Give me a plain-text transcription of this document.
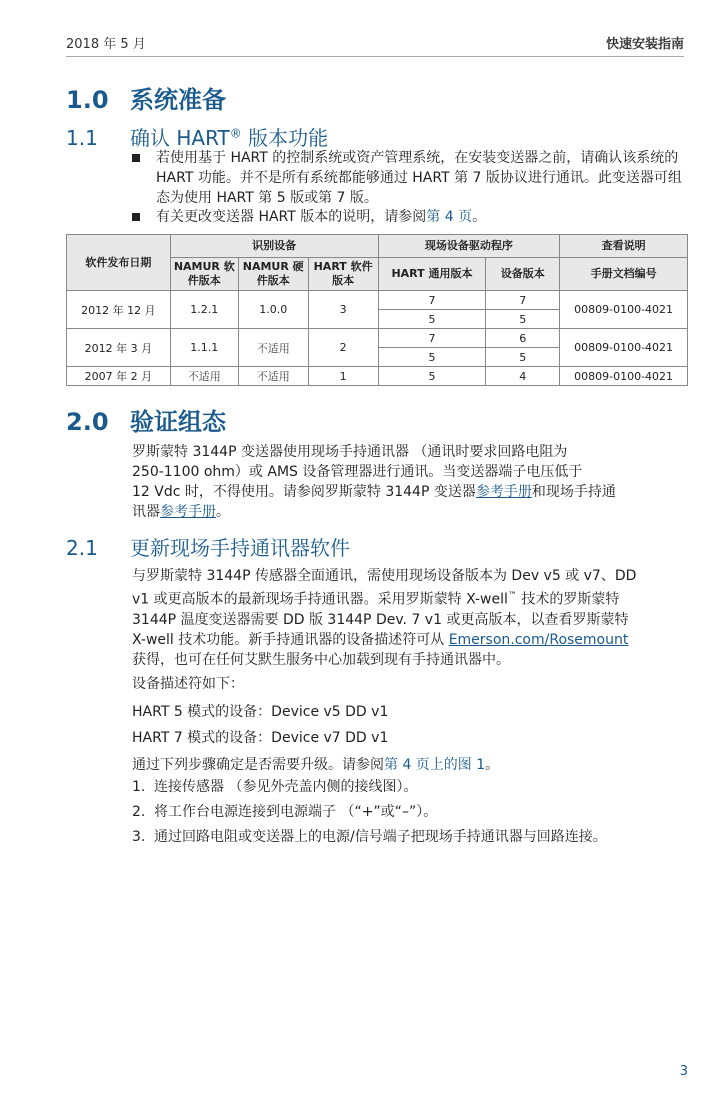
2018 年 5 月	快速安装指南
1.0 系统准备
1.1 确认 HART® 版本功能
若使用基于 HART 的控制系统或资产管理系统，在安装变送器之前，请确认该系统的 HART 功能。并不是所有系统都能够通过 HART 第 7 版协议进行通讯。此变送器可组态为使用 HART 第 5 版或第 7 版。
有关更改变送器 HART 版本的说明，请参阅第 4 页。
软件发布日期	识别设备			现场设备驱动程序		查看说明
	NAMUR 软件版本	NAMUR 硬件版本	HART 软件版本	HART 通用版本	设备版本	手册文档编号
2012 年 12 月	1.2.1	1.0.0	3	7	7	00809-0100-4021
				5	5	
2012 年 3 月	1.1.1	不适用	2	7	6	00809-0100-4021
				5	5	
2007 年 2 月	不适用	不适用	1	5	4	00809-0100-4021
2.0 验证组态
罗斯蒙特 3144P 变送器使用现场手持通讯器 （通讯时要求回路电阻为
250-1100 ohm）或 AMS 设备管理器进行通讯。当变送器端子电压低于
12 Vdc 时，不得使用。请参阅罗斯蒙特 3144P 变送器参考手册和现场手持通
讯器参考手册。
2.1 更新现场手持通讯器软件
与罗斯蒙特 3144P 传感器全面通讯，需使用现场设备版本为 Dev v5 或 v7、DD
v1 或更高版本的最新现场手持通讯器。采用罗斯蒙特 X-well™ 技术的罗斯蒙特
3144P 温度变送器需要 DD 版 3144P Dev. 7 v1 或更高版本，以查看罗斯蒙特
X-well 技术功能。新手持通讯器的设备描述符可从 Emerson.com/Rosemount
获得，也可在任何艾默生服务中心加载到现有手持通讯器中。
设备描述符如下：
HART 5 模式的设备：Device v5 DD v1
HART 7 模式的设备：Device v7 DD v1
通过下列步骤确定是否需要升级。请参阅第 4 页上的图 1。
1. 连接传感器 （参见外壳盖内侧的接线图）。
2. 将工作台电源连接到电源端子 （“+”或“–”）。
3. 通过回路电阻或变送器上的电源/信号端子把现场手持通讯器与回路连接。
3
